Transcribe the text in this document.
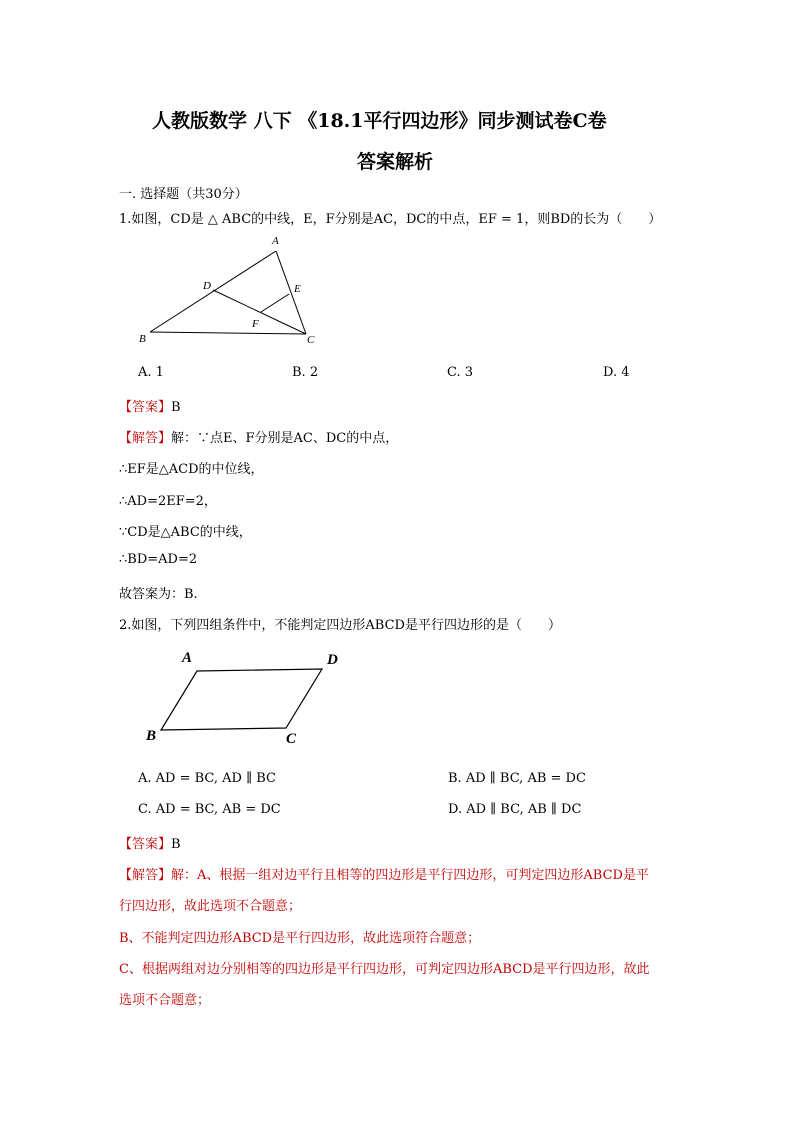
人教版数学 八下 《18.1平行四边形》同步测试卷C卷
答案解析
一. 选择题（共30分）
1.如图，CD是 △ ABC的中线，E，F分别是AC，DC的中点，EF = 1，则BD的长为（　　）
A
B	C
D	E
F
A. 1	B. 2	C. 3	D. 4
【答案】B
【解答】解：∵点E、F分别是AC、DC的中点，
∴EF是△ACD的中位线，
∴AD=2EF=2，
∵CD是△ABC的中线，
∴BD=AD=2
故答案为：B.
2.如图，下列四组条件中，不能判定四边形ABCD是平行四边形的是（　　）
A	D
B	C
A. AD = BC, AD ∥ BC	B. AD ∥ BC, AB = DC
C. AD = BC, AB = DC	D. AD ∥ BC, AB ∥ DC
【答案】B
【解答】解：A、根据一组对边平行且相等的四边形是平行四边形，可判定四边形ABCD是平
行四边形，故此选项不合题意；
B、不能判定四边形ABCD是平行四边形，故此选项符合题意；
C、根据两组对边分别相等的四边形是平行四边形，可判定四边形ABCD是平行四边形，故此
选项不合题意；
